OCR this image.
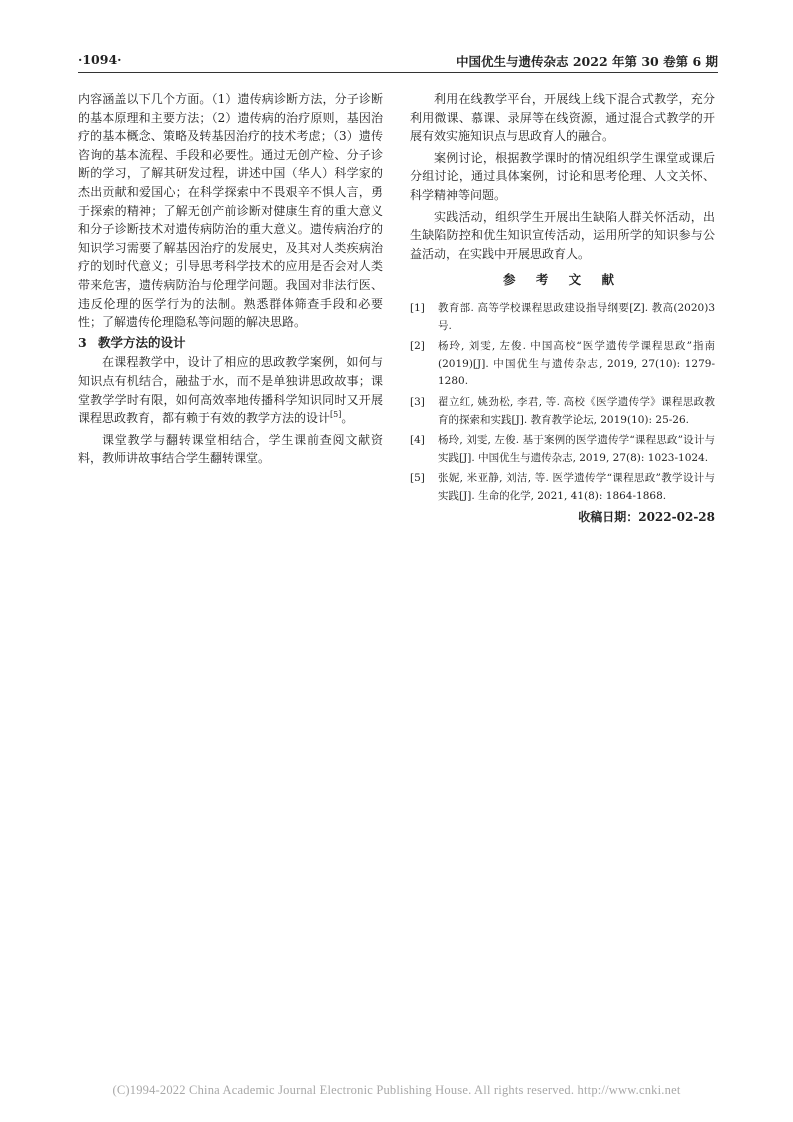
·1094·	中国优生与遗传杂志 2022 年第 30 卷第 6 期

内容涵盖以下几个方面。（1）遗传病诊断方法，分子诊断的基本原理和主要方法；（2）遗传病的治疗原则，基因治疗的基本概念、策略及转基因治疗的技术考虑；（3）遗传咨询的基本流程、手段和必要性。通过无创产检、分子诊断的学习，了解其研发过程，讲述中国（华人）科学家的杰出贡献和爱国心；在科学探索中不畏艰辛不惧人言，勇于探索的精神；了解无创产前诊断对健康生育的重大意义和分子诊断技术对遗传病防治的重大意义。遗传病治疗的知识学习需要了解基因治疗的发展史，及其对人类疾病治疗的划时代意义；引导思考科学技术的应用是否会对人类带来危害，遗传病防治与伦理学问题。我国对非法行医、违反伦理的医学行为的法制。熟悉群体筛查手段和必要性；了解遗传伦理隐私等问题的解决思路。

3 教学方法的设计

在课程教学中，设计了相应的思政教学案例，如何与知识点有机结合，融盐于水，而不是单独讲思政故事；课堂教学学时有限，如何高效率地传播科学知识同时又开展课程思政教育，都有赖于有效的教学方法的设计[5]。

课堂教学与翻转课堂相结合，学生课前查阅文献资料，教师讲故事结合学生翻转课堂。

利用在线教学平台，开展线上线下混合式教学，充分利用微课、慕课、录屏等在线资源，通过混合式教学的开展有效实施知识点与思政育人的融合。

案例讨论，根据教学课时的情况组织学生课堂或课后分组讨论，通过具体案例，讨论和思考伦理、人文关怀、科学精神等问题。

实践活动，组织学生开展出生缺陷人群关怀活动，出生缺陷防控和优生知识宣传活动，运用所学的知识参与公益活动，在实践中开展思政育人。

参 考 文 献
[1] 教育部. 高等学校课程思政建设指导纲要[Z]. 教高(2020)3号.
[2] 杨玲, 刘雯, 左俊. 中国高校“医学遗传学课程思政”指南(2019)[J]. 中国优生与遗传杂志, 2019, 27(10): 1279-1280.
[3] 翟立红, 姚劲松, 李君, 等. 高校《医学遗传学》课程思政教育的探索和实践[J]. 教育教学论坛, 2019(10): 25-26.
[4] 杨玲, 刘雯, 左俊. 基于案例的医学遗传学“课程思政”设计与实践[J]. 中国优生与遗传杂志, 2019, 27(8): 1023-1024.
[5] 张妮, 米亚静, 刘洁, 等. 医学遗传学“课程思政”教学设计与实践[J]. 生命的化学, 2021, 41(8): 1864-1868.
收稿日期：2022-02-28
(C)1994-2022 China Academic Journal Electronic Publishing House. All rights reserved. http://www.cnki.net
